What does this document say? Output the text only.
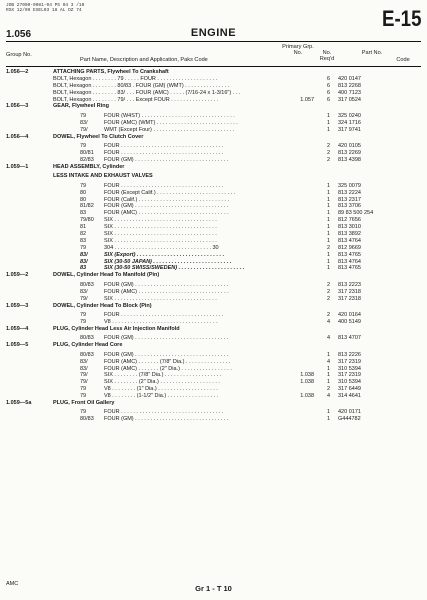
JOB 27000-0081-04 PS 04 3 /10
RSX 12/09 EXEL03 18 AL DZ 74
ENGINE
E-15
1.056
Group No.
Part Name, Description and Application, Paks Code
Primary Grp. No.	No. Req'd
Part No.
Code
1.056—2	ATTACHING PARTS, Flywheel To Crankshaft
BOLT, Hexagon . . . . . . . . 79 . . . . . FOUR . . . . . . . . . . . . . . . . . . . .	6 420 0147
BOLT, Hexagon . . . . . . . . 80/83 . FOUR (GM) (WMT) . . . . . . . . . . . . . . .	6 813 2268
BOLT, Hexagon . . . . . . . . 83/ . . . FOUR (AMC) . . . . . (7/16-24 x 1-3/16") . . .	6 400 7123
BOLT, Hexagon . . . . . . . . 79/ . . . Except FOUR . . . . . . . . . . . . . . . .	1.057	6 317 0524
1.056—3	GEAR, Flywheel Ring
79	FOUR (W4ST) . . . . . . . . . . . . . . . . . . . . . . . . . . . . . . .	1 325 0240
83/	FOUR (AMC) (WMT) . . . . . . . . . . . . . . . . . . . . . . . . . . .	1 324 1716
79/	WMT (Except Four) . . . . . . . . . . . . . . . . . . . . . . . . . . .	1 317 9741
1.056—4	DOWEL, Flywheel To Clutch Cover
79	FOUR . . . . . . . . . . . . . . . . . . . . . . . . . . . . . . . . . .	2 420 0105
80/81	FOUR . . . . . . . . . . . . . . . . . . . . . . . . . . . . . . . . . .	2 813 2269
82/83	FOUR (GM) . . . . . . . . . . . . . . . . . . . . . . . . . . . . . . .	2 813 4398
1.059—1	HEAD ASSEMBLY, Cylinder
LESS INTAKE AND EXHAUST VALVES
79	FOUR . . . . . . . . . . . . . . . . . . . . . . . . . . . . . . . . . .	1 325 0079
80	FOUR (Except Calif.) . . . . . . . . . . . . . . . . . . . . . . . . . .	1 813 2224
80	FOUR (Calif.) . . . . . . . . . . . . . . . . . . . . . . . . . . . . . .	1 813 2317
81/82	FOUR (GM) . . . . . . . . . . . . . . . . . . . . . . . . . . . . . . .	1 813 3706
83	FOUR (AMC) . . . . . . . . . . . . . . . . . . . . . . . . . . . . . .	1 89 83 500 254
79/80	SIX . . . . . . . . . . . . . . . . . . . . . . . . . . . . . . . . . .	1 812 7656
81	SIX . . . . . . . . . . . . . . . . . . . . . . . . . . . . . . . . . .	1 813 3010
82	SIX . . . . . . . . . . . . . . . . . . . . . . . . . . . . . . . . . .	1 813 3892
83	SIX . . . . . . . . . . . . . . . . . . . . . . . . . . . . . . . . . .	1 813 4764
79	304 . . . . . . . . . . . . . . . . . . . . . . . . . . . . . . . . 30	2 812 9669
83/	SIX (Export) . . . . . . . . . . . . . . . . . . . . . . . . . . . . .	1 813 4765
83/	SIX (30-50 JAPAN) . . . . . . . . . . . . . . . . . . . . . . . . . .	1 813 4764
83	SIX (30-50 SWISS/SWEDEN) . . . . . . . . . . . . . . . . . . . . . .	1 813 4765
1.059—2	DOWEL, Cylinder Head To Manifold (Pin)
80/83	FOUR (GM) . . . . . . . . . . . . . . . . . . . . . . . . . . . . . . .	2 813 2223
83/	FOUR (AMC) . . . . . . . . . . . . . . . . . . . . . . . . . . . . . .	2 317 2318
79/	SIX . . . . . . . . . . . . . . . . . . . . . . . . . . . . . . . . . .	2 317 2318
1.059—3	DOWEL, Cylinder Head To Block (Pin)
79	FOUR . . . . . . . . . . . . . . . . . . . . . . . . . . . . . . . . . .	2 420 0164
79	V8 . . . . . . . . . . . . . . . . . . . . . . . . . . . . . . . . . . .	4 400 5149
1.059—4	PLUG, Cylinder Head Less Air Injection Manifold
80/83	FOUR (GM) . . . . . . . . . . . . . . . . . . . . . . . . . . . . . . .	4 813 4707
1.059—5	PLUG, Cylinder Head Core
80/83	FOUR (GM) . . . . . . . . . . . . . . . . . . . . . . . . . . . . . . .	1 813 2226
83/	FOUR (AMC) . . . . . . . (7/8" Dia.) . . . . . . . . . . . . . . .	4 317 2319
83/	FOUR (AMC) . . . . . . . (2" Dia.) . . . . . . . . . . . . . . . . .	1 310 5394
79/	SIX . . . . . . . . (7/8" Dia.) . . . . . . . . . . . . . . . . . . .	1.038	1 317 2319
79/	SIX . . . . . . . . (2" Dia.) . . . . . . . . . . . . . . . . . . . .	1.038	1 310 5394
79	V8 . . . . . . . . (1" Dia.) . . . . . . . . . . . . . . . . . . . .	2 317 6449
79	V8 . . . . . . . . (1-1/2" Dia.) . . . . . . . . . . . . . . . . .	1.038	4 314 4641
1.059—5a	PLUG, Front Oil Gallery
79	FOUR . . . . . . . . . . . . . . . . . . . . . . . . . . . . . . . . . .	1 420 0171
80/83	FOUR (GM) . . . . . . . . . . . . . . . . . . . . . . . . . . . . . . .	1 G444782
AMC	Gr 1 - T 10
